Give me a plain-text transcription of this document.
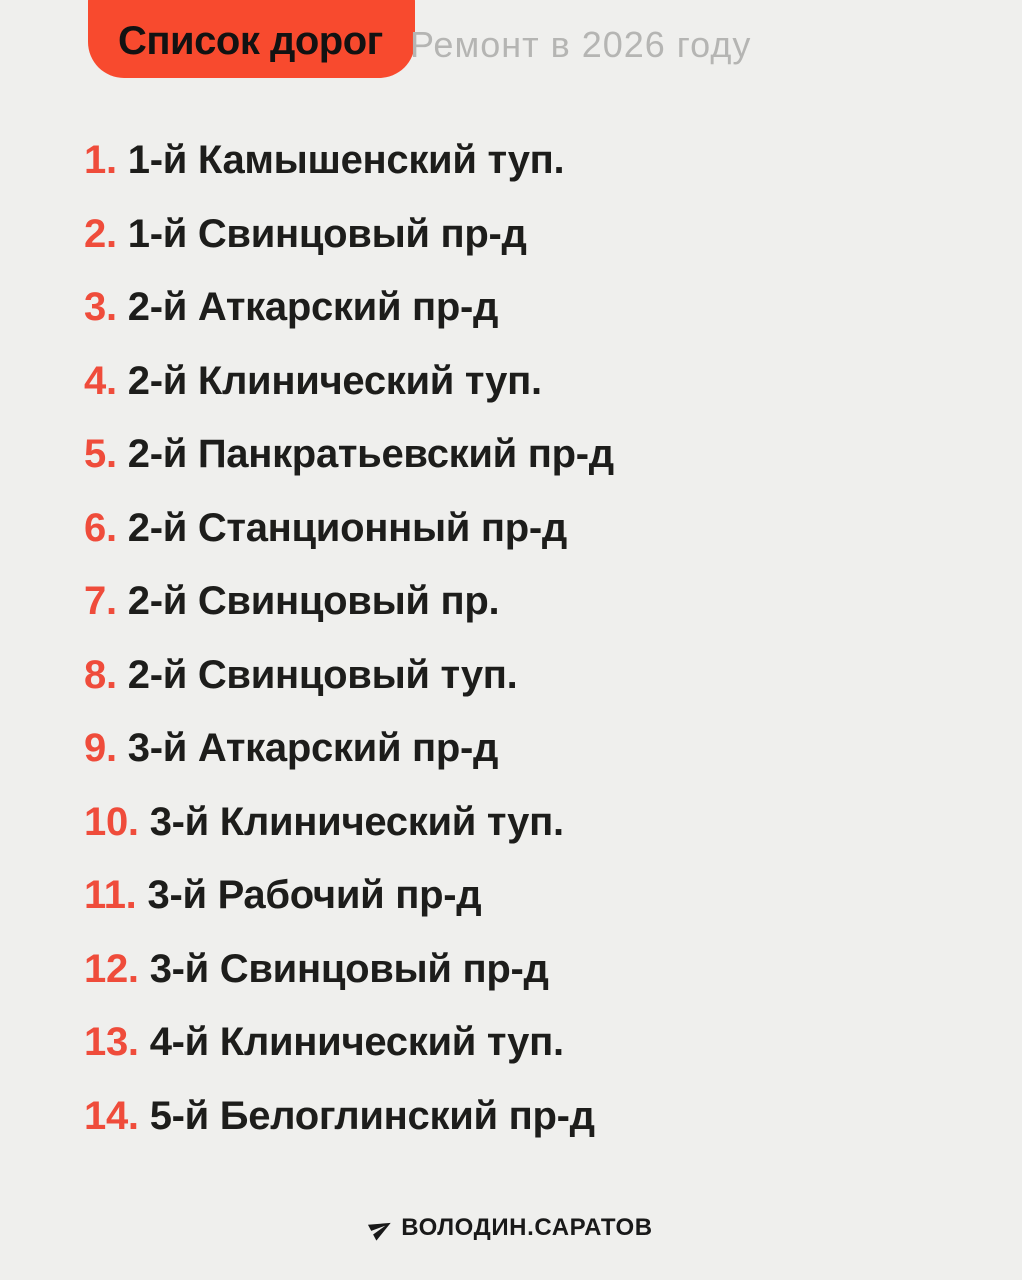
Список дорог Ремонт в 2026 году
1. 1-й Камышенский туп.
2. 1-й Свинцовый пр-д
3. 2-й Аткарский пр-д
4. 2-й Клинический туп.
5. 2-й Панкратьевский пр-д
6. 2-й Станционный пр-д
7. 2-й Свинцовый пр.
8. 2-й Свинцовый туп.
9. 3-й Аткарский пр-д
10. 3-й Клинический туп.
11. 3-й Рабочий пр-д
12. 3-й Свинцовый пр-д
13. 4-й Клинический туп.
14. 5-й Белоглинский пр-д
ВОЛОДИН.САРАТОВ
